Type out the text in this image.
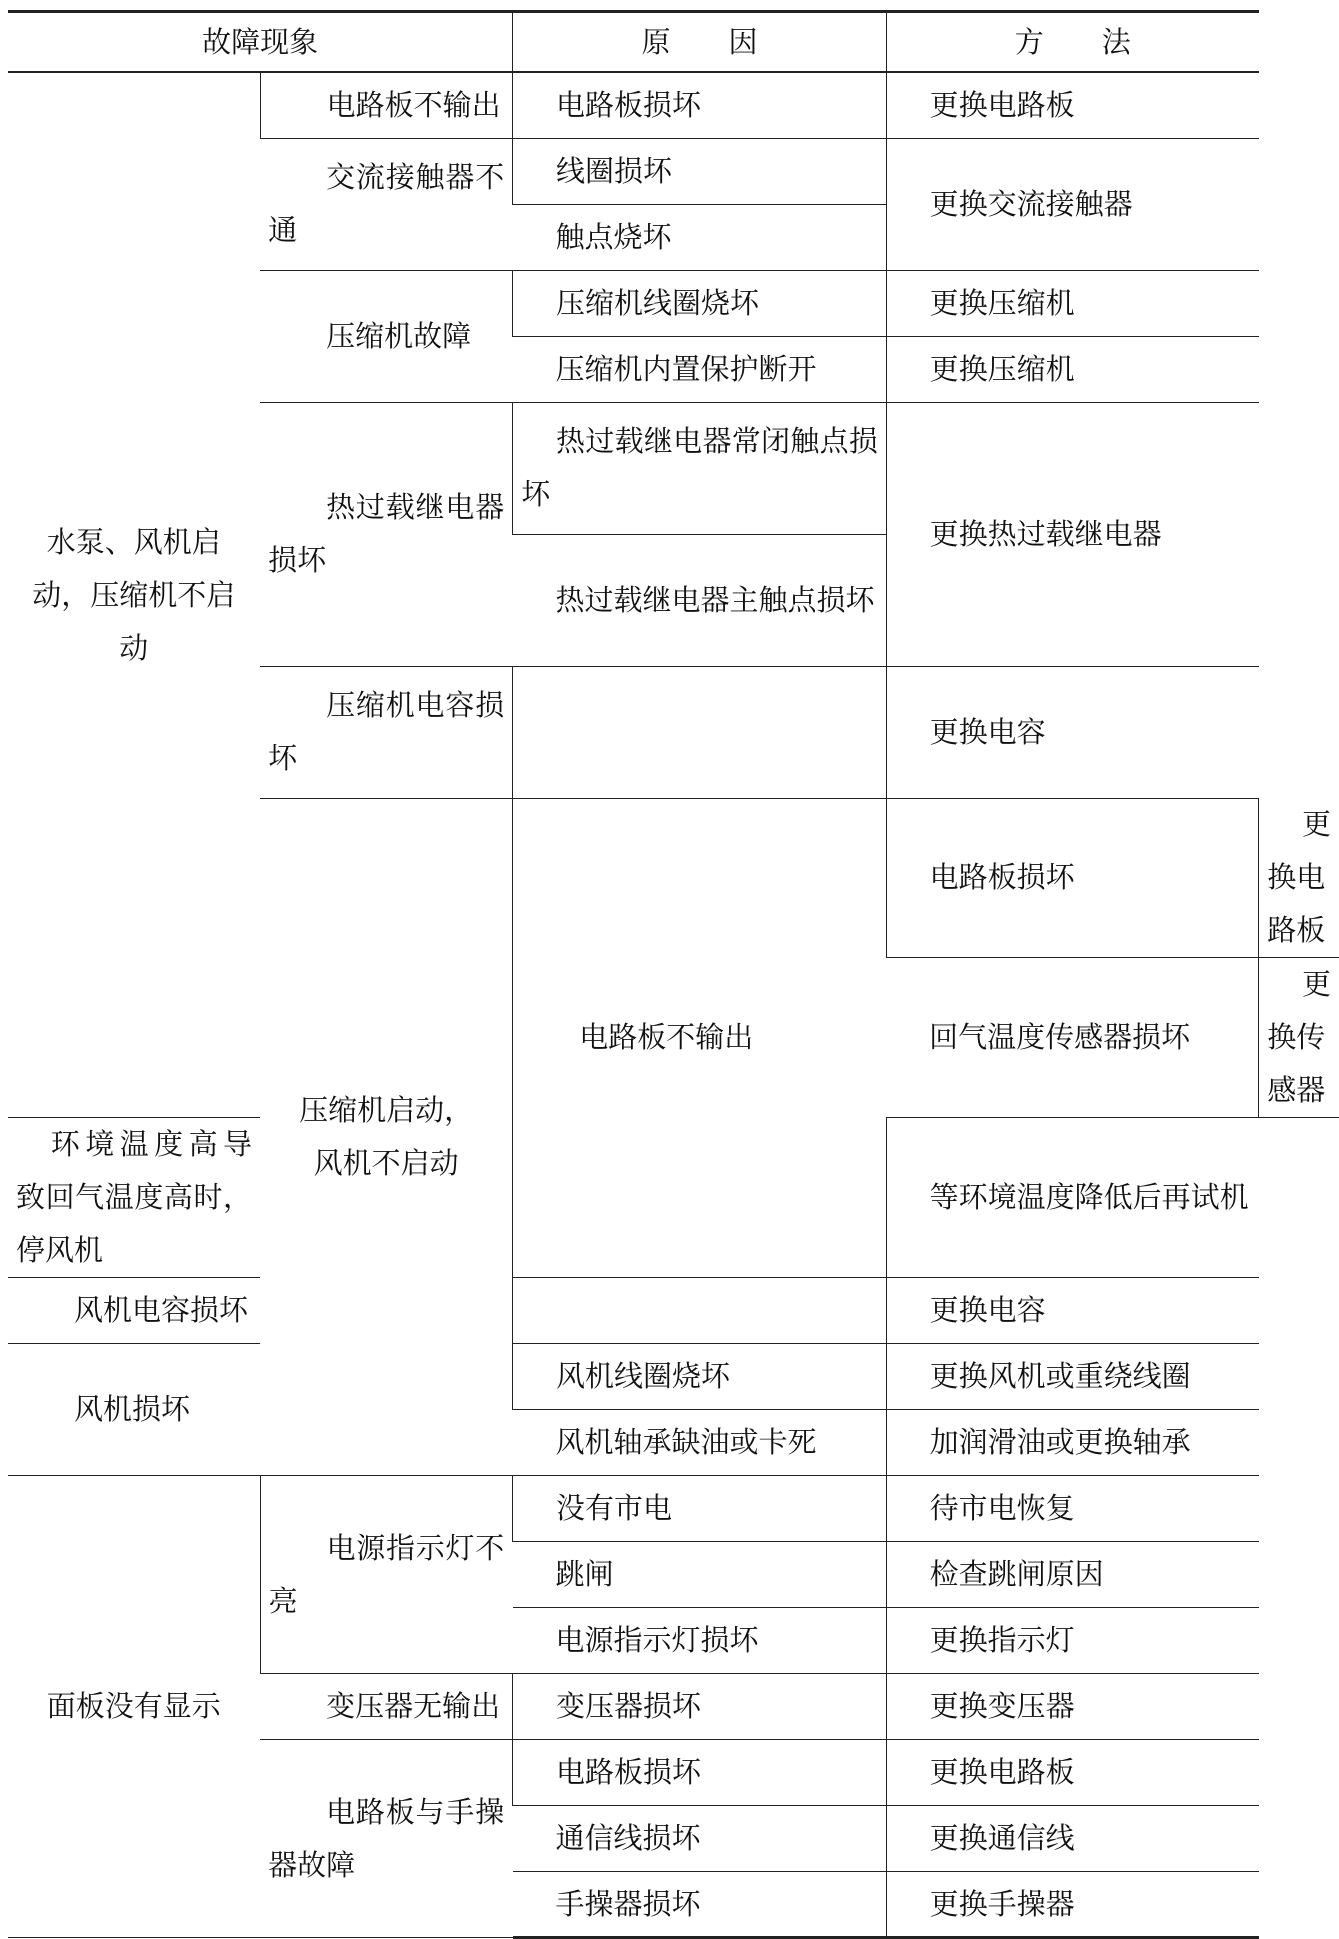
故障现象		原　　因	方　　法	

水泵、风机启动，压缩机不启动	电路板不输出	电路板损坏	更换电路板	

	交流接触器不通	线圈损坏	更换交流接触器	

		触点烧坏		

	压缩机故障	压缩机线圈烧坏	更换压缩机	

		压缩机内置保护断开	更换压缩机	

	热过载继电器损坏	热过载继电器常闭触点损坏	更换热过载继电器	

		热过载继电器主触点损坏		

	压缩机电容损坏		更换电容	

	压缩机启动，风机不启动	电路板不输出	电路板损坏	更换电路板

			回气温度传感器损坏	更换传感器

环境温度高导致回气温度高时，停风机			等环境温度降低后再试机	

风机电容损坏			更换电容	

风机损坏		风机线圈烧坏	更换风机或重绕线圈	

		风机轴承缺油或卡死	加润滑油或更换轴承	

面板没有显示	电源指示灯不亮	没有市电	待市电恢复	

		跳闸	检查跳闸原因	

		电源指示灯损坏	更换指示灯	

	变压器无输出	变压器损坏	更换变压器	

	电路板与手操器故障	电路板损坏	更换电路板	

		通信线损坏	更换通信线	

		手操器损坏	更换手操器	
